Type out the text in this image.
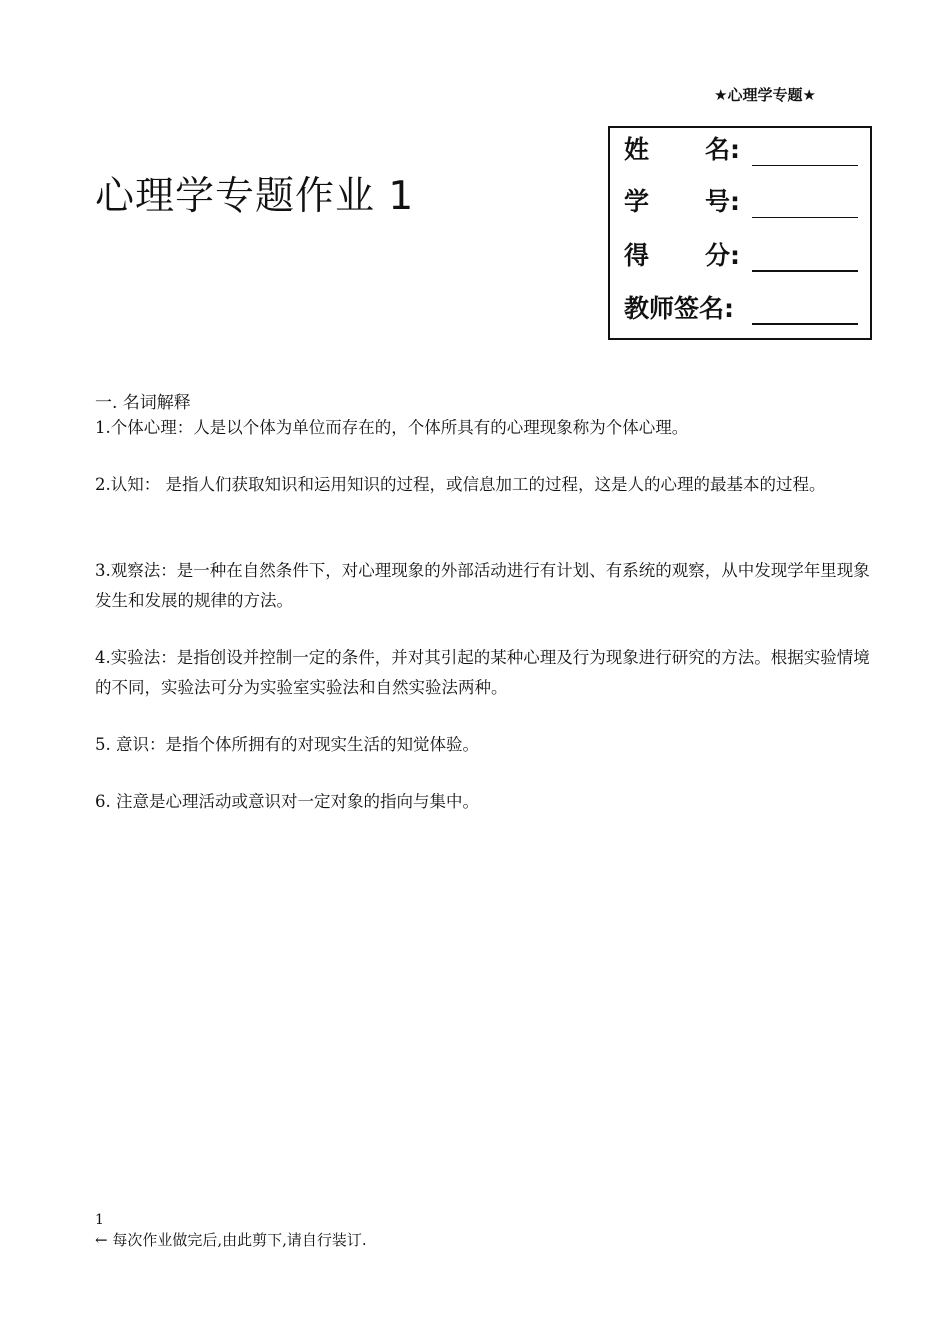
★心理学专题★
心理学专题作业 1
姓 名:
学 号:
得 分:
教师签名:
一. 名词解释
1.个体心理：人是以个体为单位而存在的，个体所具有的心理现象称为个体心理。
2.认知： 是指人们获取知识和运用知识的过程，或信息加工的过程，这是人的心理的最基本的过程。
3.观察法：是一种在自然条件下，对心理现象的外部活动进行有计划、有系统的观察，从中发现学年里现象发生和发展的规律的方法。
4.实验法：是指创设并控制一定的条件，并对其引起的某种心理及行为现象进行研究的方法。根据实验情境的不同，实验法可分为实验室实验法和自然实验法两种。
5. 意识：是指个体所拥有的对现实生活的知觉体验。
6. 注意是心理活动或意识对一定对象的指向与集中。
1
← 每次作业做完后,由此剪下,请自行装订.
